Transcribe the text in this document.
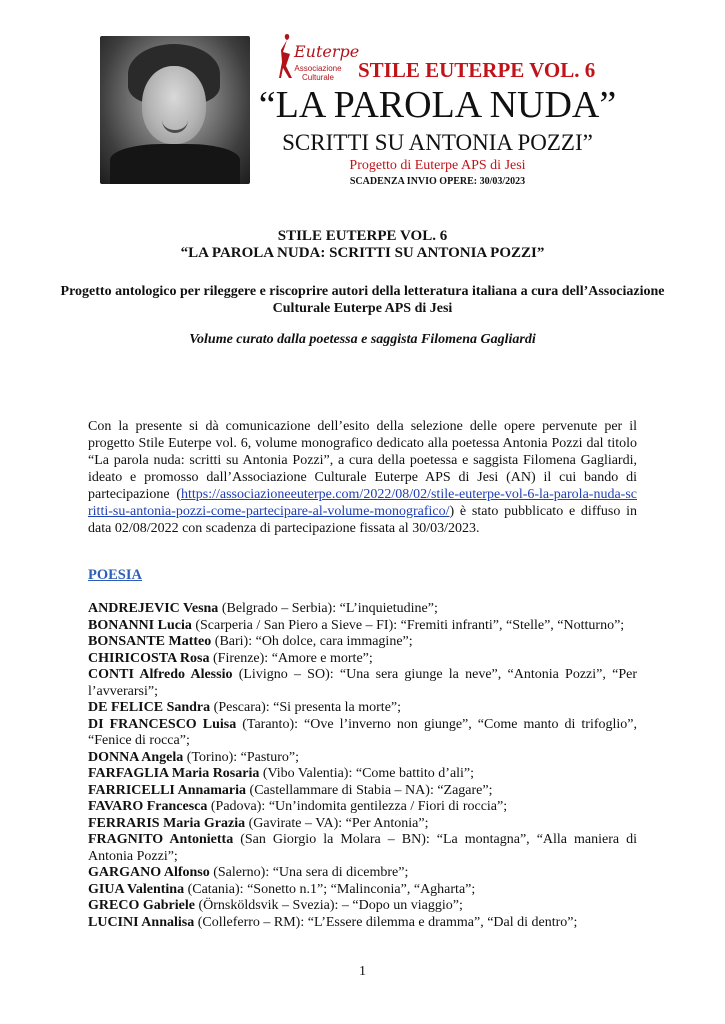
Euterpe
Associazione Culturale	STILE EUTERPE VOL. 6
“LA PAROLA NUDA”
SCRITTI SU ANTONIA POZZI”
Progetto di Euterpe APS di Jesi
SCADENZA INVIO OPERE: 30/03/2023
STILE EUTERPE VOL. 6
“LA PAROLA NUDA: SCRITTI SU ANTONIA POZZI”
Progetto antologico per rileggere e riscoprire autori della letteratura italiana a cura dell’Associazione Culturale Euterpe APS di Jesi
Volume curato dalla poetessa e saggista Filomena Gagliardi

Con la presente si dà comunicazione dell’esito della selezione delle opere pervenute per il progetto Stile Euterpe vol. 6, volume monografico dedicato alla poetessa Antonia Pozzi dal titolo “La parola nuda: scritti su Antonia Pozzi”, a cura della poetessa e saggista Filomena Gagliardi, ideato e promosso dall’Associazione Culturale Euterpe APS di Jesi (AN) il cui bando di partecipazione (https://associazioneeuterpe.com/2022/08/02/stile-euterpe-vol-6-la-parola-nuda-scritti-su-antonia-pozzi-come-partecipare-al-volume-monografico/) è stato pubblicato e diffuso in data 02/08/2022 con scadenza di partecipazione fissata al 30/03/2023.

POESIA
ANDREJEVIC Vesna (Belgrado – Serbia): “L’inquietudine”;
BONANNI Lucia (Scarperia / San Piero a Sieve – FI): “Fremiti infranti”, “Stelle”, “Notturno”;
BONSANTE Matteo (Bari): “Oh dolce, cara immagine”;
CHIRICOSTA Rosa (Firenze): “Amore e morte”;
CONTI Alfredo Alessio (Livigno – SO): “Una sera giunge la neve”, “Antonia Pozzi”, “Per l’avverarsi”;
DE FELICE Sandra (Pescara): “Si presenta la morte”;
DI FRANCESCO Luisa (Taranto): “Ove l’inverno non giunge”, “Come manto di trifoglio”, “Fenice di rocca”;
DONNA Angela (Torino): “Pasturo”;
FARFAGLIA Maria Rosaria (Vibo Valentia): “Come battito d’ali”;
FARRICELLI Annamaria (Castellammare di Stabia – NA): “Zagare”;
FAVARO Francesca (Padova): “Un’indomita gentilezza / Fiori di roccia”;
FERRARIS Maria Grazia (Gavirate – VA): “Per Antonia”;
FRAGNITO Antonietta (San Giorgio la Molara – BN): “La montagna”, “Alla maniera di Antonia Pozzi”;
GARGANO Alfonso (Salerno): “Una sera di dicembre”;
GIUA Valentina (Catania): “Sonetto n.1”; “Malinconia”, “Agharta”;
GRECO Gabriele (Örnsköldsvik – Svezia): – “Dopo un viaggio”;
LUCINI Annalisa (Colleferro – RM): “L’Essere dilemma e dramma”, “Dal di dentro”;
1
